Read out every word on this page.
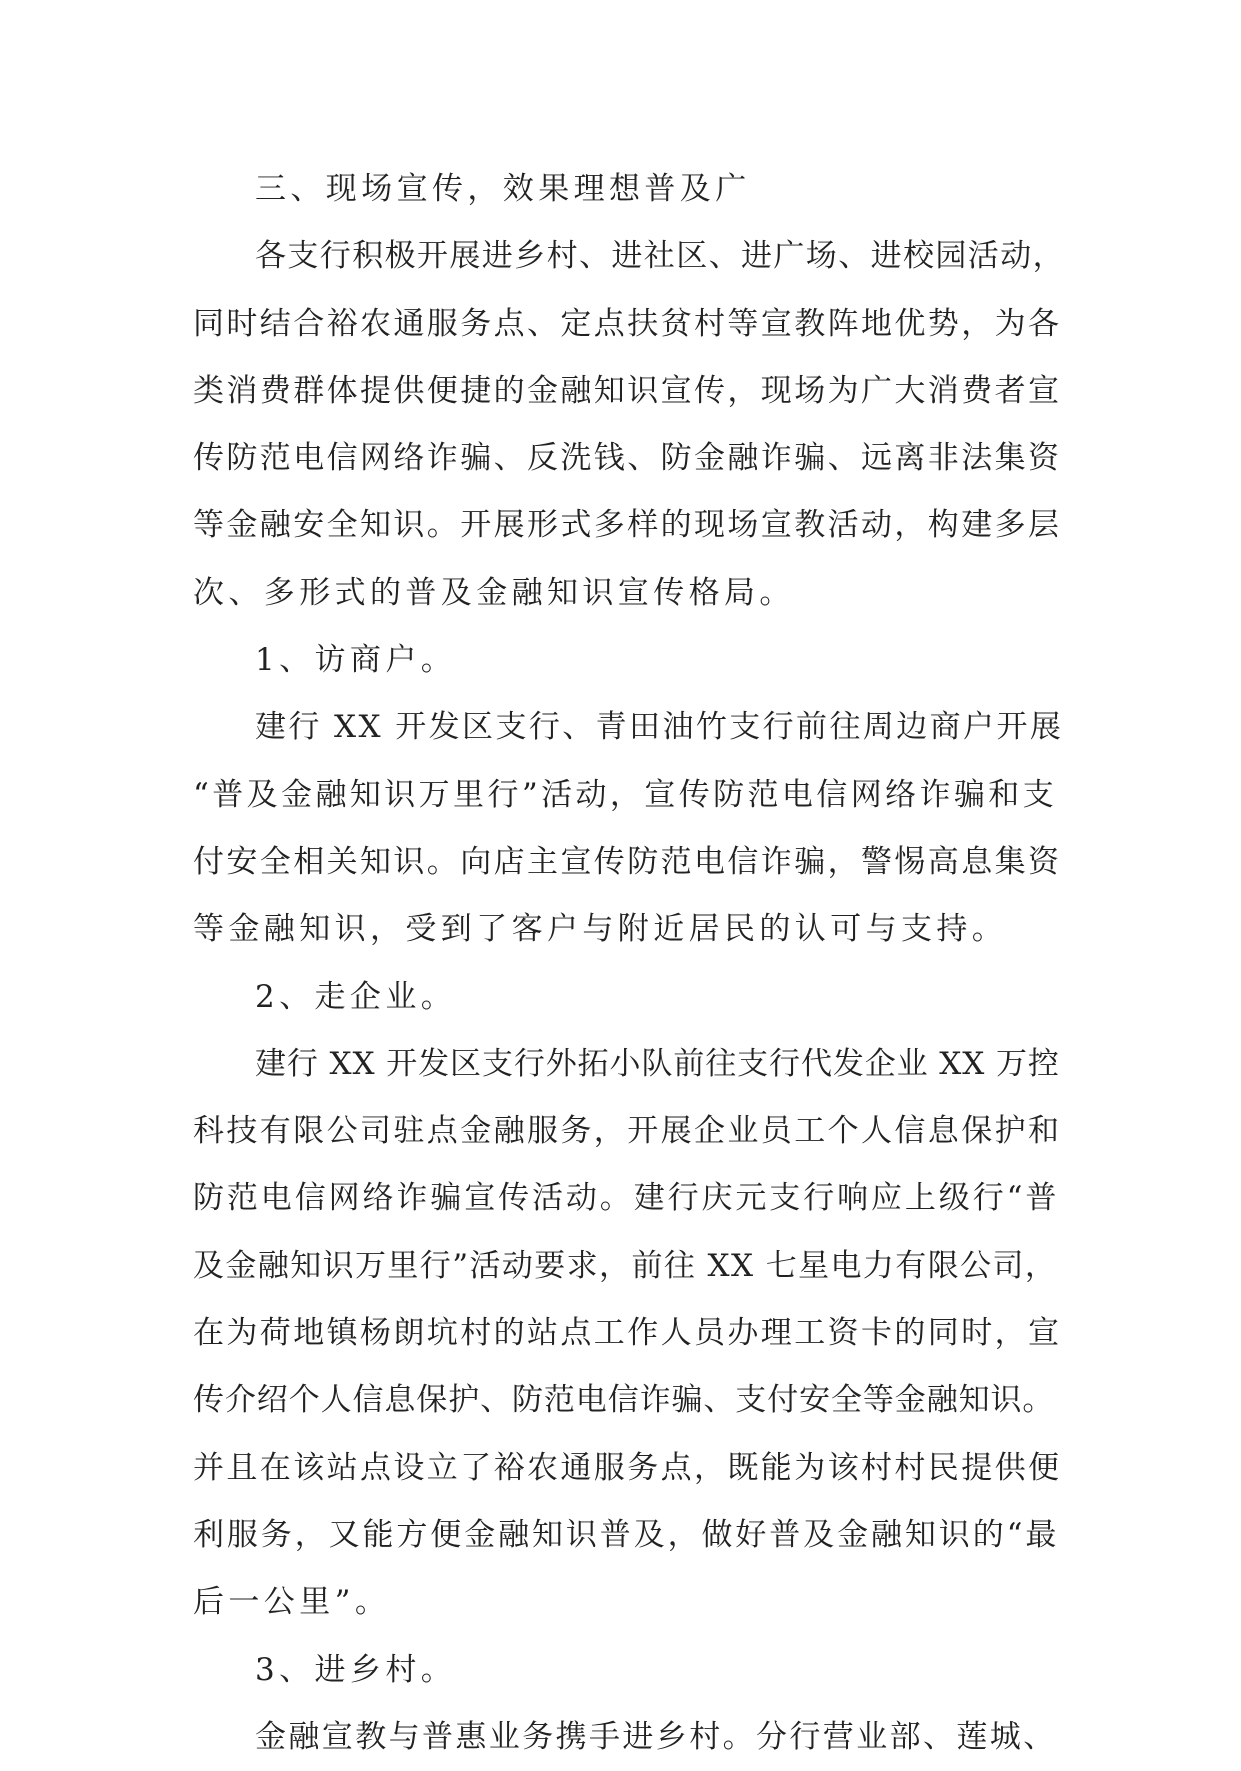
三、现场宣传，效果理想普及广
各支行积极开展进乡村、进社区、进广场、进校园活动，
同时结合裕农通服务点、定点扶贫村等宣教阵地优势，为各
类消费群体提供便捷的金融知识宣传，现场为广大消费者宣
传防范电信网络诈骗、反洗钱、防金融诈骗、远离非法集资
等金融安全知识。开展形式多样的现场宣教活动，构建多层
次、多形式的普及金融知识宣传格局。
1、访商户。
建行 XX 开发区支行、青田油竹支行前往周边商户开展
“普及金融知识万里行”活动，宣传防范电信网络诈骗和支
付安全相关知识。向店主宣传防范电信诈骗，警惕高息集资
等金融知识，受到了客户与附近居民的认可与支持。
2、走企业。
建行 XX 开发区支行外拓小队前往支行代发企业 XX 万控
科技有限公司驻点金融服务，开展企业员工个人信息保护和
防范电信网络诈骗宣传活动。建行庆元支行响应上级行“普
及金融知识万里行”活动要求，前往 XX 七星电力有限公司，
在为荷地镇杨朗坑村的站点工作人员办理工资卡的同时，宣
传介绍个人信息保护、防范电信诈骗、支付安全等金融知识。
并且在该站点设立了裕农通服务点，既能为该村村民提供便
利服务，又能方便金融知识普及，做好普及金融知识的“最
后一公里”。
3、进乡村。
金融宣教与普惠业务携手进乡村。分行营业部、莲城、
